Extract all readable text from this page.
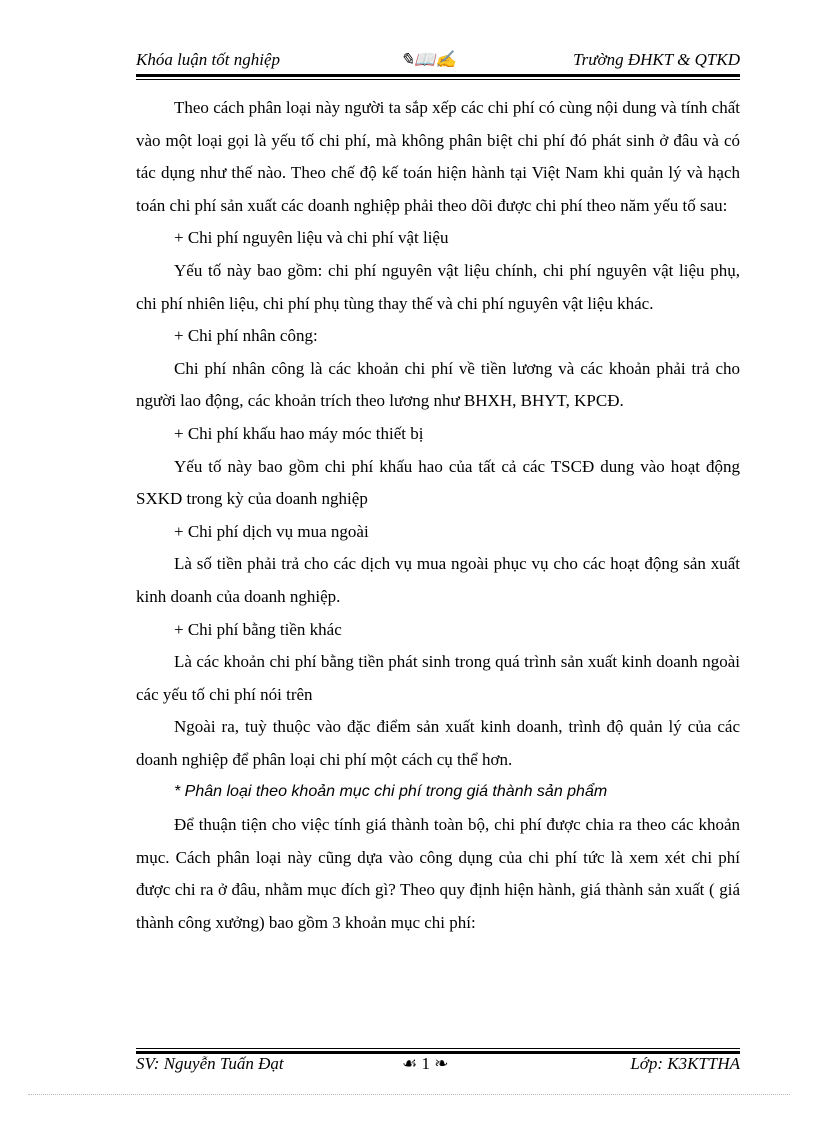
Khóa luận tốt nghiệp	✎📖✍	Trường ĐHKT & QTKD

Theo cách phân loại này người ta sắp xếp các chi phí có cùng nội dung và tính chất vào một loại gọi là yếu tố chi phí, mà không phân biệt chi phí đó phát sinh ở đâu và có tác dụng như thế nào. Theo chế độ kế toán hiện hành tại Việt Nam khi quản lý và hạch toán chi phí sản xuất các doanh nghiệp phải theo dõi được chi phí theo năm yếu tố sau:

+ Chi phí nguyên liệu và chi phí vật liệu

Yếu tố này bao gồm: chi phí nguyên vật liệu chính, chi phí nguyên vật liệu phụ, chi phí nhiên liệu, chi phí phụ tùng thay thế và chi phí nguyên vật liệu khác.

+ Chi phí nhân công:

Chi phí nhân công là các khoản chi phí về tiền lương và các khoản phải trả cho người lao động, các khoản trích theo lương như BHXH, BHYT, KPCĐ.

+ Chi phí khấu hao máy móc thiết bị

Yếu tố này bao gồm chi phí khấu hao của tất cả các TSCĐ dung vào hoạt động SXKD trong kỳ của doanh nghiệp

+ Chi phí dịch vụ mua ngoài

Là số tiền phải trả cho các dịch vụ mua ngoài phục vụ cho các hoạt động sản xuất kinh doanh của doanh nghiệp.

+ Chi phí bằng tiền khác

Là các khoản chi phí bằng tiền phát sinh trong quá trình sản xuất kinh doanh ngoài các yếu tố chi phí nói trên

Ngoài ra, tuỳ thuộc vào đặc điểm sản xuất kinh doanh, trình độ quản lý của các doanh nghiệp để phân loại chi phí một cách cụ thể hơn.

* Phân loại theo khoản mục chi phí trong giá thành sản phẩm

Để thuận tiện cho việc tính giá thành toàn bộ, chi phí được chia ra theo các khoản mục. Cách phân loại này cũng dựa vào công dụng của chi phí tức là xem xét chi phí được chi ra ở đâu, nhằm mục đích gì? Theo quy định hiện hành, giá thành sản xuất ( giá thành công xưởng) bao gồm 3 khoản mục chi phí:

SV: Nguyễn Tuấn Đạt	☙ 1 ❧	Lớp: K3KTTHA
